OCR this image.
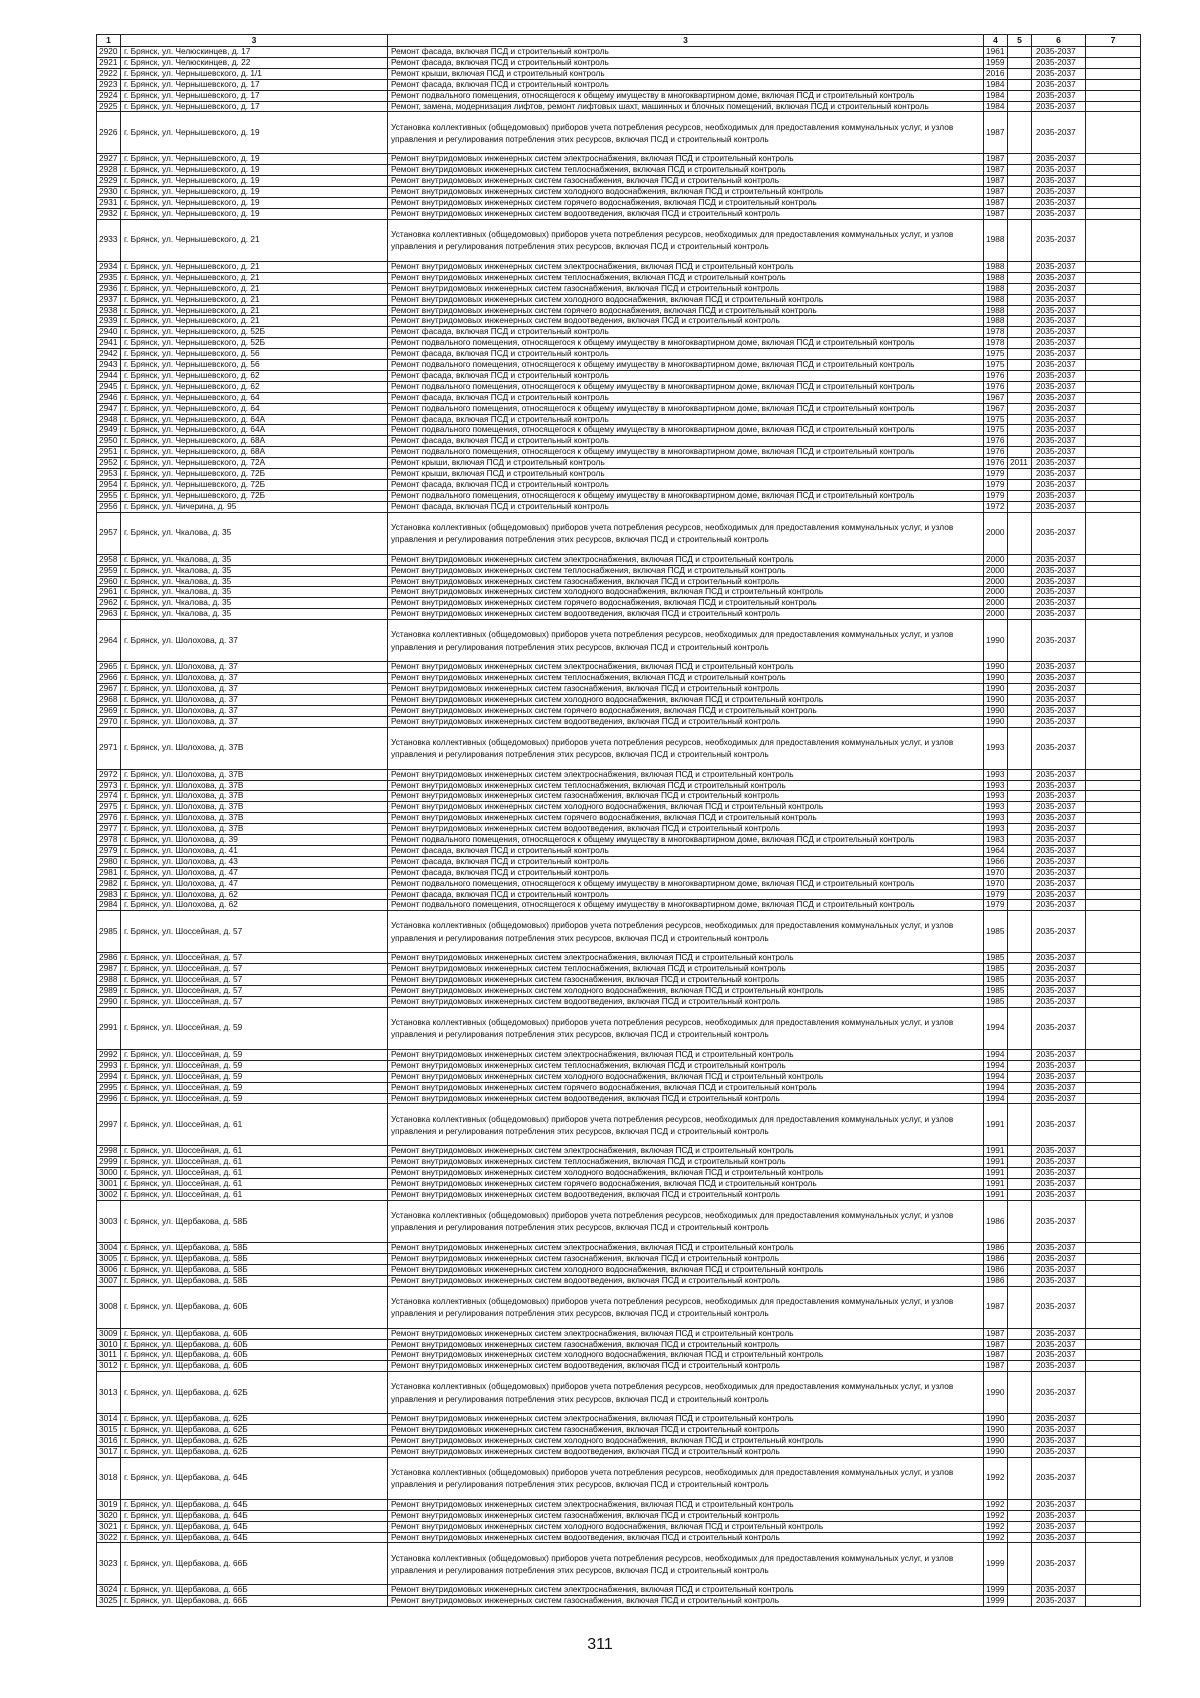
1	3	3	4	5	6	7
2920	г. Брянск, ул. Челюскинцев, д. 17	Ремонт фасада, включая ПСД и строительный контроль	1961		2035-2037	
2921	г. Брянск, ул. Челюскинцев, д. 22	Ремонт фасада, включая ПСД и строительный контроль	1959		2035-2037	
2922	г. Брянск, ул. Чернышевского, д. 1/1	Ремонт крыши, включая ПСД и строительный контроль	2016		2035-2037	
2923	г. Брянск, ул. Чернышевского, д. 17	Ремонт фасада, включая ПСД и строительный контроль	1984		2035-2037	
2924	г. Брянск, ул. Чернышевского, д. 17	Ремонт подвального помещения, относящегося к общему имуществу в многоквартирном доме, включая ПСД и строительный контроль	1984		2035-2037	
2925	г. Брянск, ул. Чернышевского, д. 17	Ремонт, замена, модернизация лифтов, ремонт лифтовых шахт, машинных и блочных помещений, включая ПСД и строительный контроль	1984		2035-2037	
2926	г. Брянск, ул. Чернышевского, д. 19	Установка коллективных (общедомовых) приборов учета потребления ресурсов, необходимых для предоставления коммунальных услуг, и узлов управления и регулирования потребления этих ресурсов, включая ПСД и строительный контроль	1987		2035-2037	
2927	г. Брянск, ул. Чернышевского, д. 19	Ремонт внутридомовых инженерных систем электроснабжения, включая ПСД и строительный контроль	1987		2035-2037	
2928	г. Брянск, ул. Чернышевского, д. 19	Ремонт внутридомовых инженерных систем теплоснабжения, включая ПСД и строительный контроль	1987		2035-2037	
2929	г. Брянск, ул. Чернышевского, д. 19	Ремонт внутридомовых инженерных систем газоснабжения, включая ПСД и строительный контроль	1987		2035-2037	
2930	г. Брянск, ул. Чернышевского, д. 19	Ремонт внутридомовых инженерных систем холодного водоснабжения, включая ПСД и строительный контроль	1987		2035-2037	
2931	г. Брянск, ул. Чернышевского, д. 19	Ремонт внутридомовых инженерных систем горячего водоснабжения, включая ПСД и строительный контроль	1987		2035-2037	
2932	г. Брянск, ул. Чернышевского, д. 19	Ремонт внутридомовых инженерных систем водоотведения, включая ПСД и строительный контроль	1987		2035-2037	
2933	г. Брянск, ул. Чернышевского, д. 21	Установка коллективных (общедомовых) приборов учета потребления ресурсов, необходимых для предоставления коммунальных услуг, и узлов управления и регулирования потребления этих ресурсов, включая ПСД и строительный контроль	1988		2035-2037	
2934	г. Брянск, ул. Чернышевского, д. 21	Ремонт внутридомовых инженерных систем электроснабжения, включая ПСД и строительный контроль	1988		2035-2037	
2935	г. Брянск, ул. Чернышевского, д. 21	Ремонт внутридомовых инженерных систем теплоснабжения, включая ПСД и строительный контроль	1988		2035-2037	
2936	г. Брянск, ул. Чернышевского, д. 21	Ремонт внутридомовых инженерных систем газоснабжения, включая ПСД и строительный контроль	1988		2035-2037	
2937	г. Брянск, ул. Чернышевского, д. 21	Ремонт внутридомовых инженерных систем холодного водоснабжения, включая ПСД и строительный контроль	1988		2035-2037	
2938	г. Брянск, ул. Чернышевского, д. 21	Ремонт внутридомовых инженерных систем горячего водоснабжения, включая ПСД и строительный контроль	1988		2035-2037	
2939	г. Брянск, ул. Чернышевского, д. 21	Ремонт внутридомовых инженерных систем водоотведения, включая ПСД и строительный контроль	1988		2035-2037	
2940	г. Брянск, ул. Чернышевского, д. 52Б	Ремонт фасада, включая ПСД и строительный контроль	1978		2035-2037	
2941	г. Брянск, ул. Чернышевского, д. 52Б	Ремонт подвального помещения, относящегося к общему имуществу в многоквартирном доме, включая ПСД и строительный контроль	1978		2035-2037	
2942	г. Брянск, ул. Чернышевского, д. 56	Ремонт фасада, включая ПСД и строительный контроль	1975		2035-2037	
2943	г. Брянск, ул. Чернышевского, д. 56	Ремонт подвального помещения, относящегося к общему имуществу в многоквартирном доме, включая ПСД и строительный контроль	1975		2035-2037	
2944	г. Брянск, ул. Чернышевского, д. 62	Ремонт фасада, включая ПСД и строительный контроль	1976		2035-2037	
2945	г. Брянск, ул. Чернышевского, д. 62	Ремонт подвального помещения, относящегося к общему имуществу в многоквартирном доме, включая ПСД и строительный контроль	1976		2035-2037	
2946	г. Брянск, ул. Чернышевского, д. 64	Ремонт фасада, включая ПСД и строительный контроль	1967		2035-2037	
2947	г. Брянск, ул. Чернышевского, д. 64	Ремонт подвального помещения, относящегося к общему имуществу в многоквартирном доме, включая ПСД и строительный контроль	1967		2035-2037	
2948	г. Брянск, ул. Чернышевского, д. 64А	Ремонт фасада, включая ПСД и строительный контроль	1975		2035-2037	
2949	г. Брянск, ул. Чернышевского, д. 64А	Ремонт подвального помещения, относящегося к общему имуществу в многоквартирном доме, включая ПСД и строительный контроль	1975		2035-2037	
2950	г. Брянск, ул. Чернышевского, д. 68А	Ремонт фасада, включая ПСД и строительный контроль	1976		2035-2037	
2951	г. Брянск, ул. Чернышевского, д. 68А	Ремонт подвального помещения, относящегося к общему имуществу в многоквартирном доме, включая ПСД и строительный контроль	1976		2035-2037	
2952	г. Брянск, ул. Чернышевского, д. 72А	Ремонт крыши, включая ПСД и строительный контроль	1976	2011	2035-2037	
2953	г. Брянск, ул. Чернышевского, д. 72Б	Ремонт крыши, включая ПСД и строительный контроль	1979		2035-2037	
2954	г. Брянск, ул. Чернышевского, д. 72Б	Ремонт фасада, включая ПСД и строительный контроль	1979		2035-2037	
2955	г. Брянск, ул. Чернышевского, д. 72Б	Ремонт подвального помещения, относящегося к общему имуществу в многоквартирном доме, включая ПСД и строительный контроль	1979		2035-2037	
2956	г. Брянск, ул. Чичерина, д. 95	Ремонт фасада, включая ПСД и строительный контроль	1972		2035-2037	
2957	г. Брянск, ул. Чкалова, д. 35	Установка коллективных (общедомовых) приборов учета потребления ресурсов, необходимых для предоставления коммунальных услуг, и узлов управления и регулирования потребления этих ресурсов, включая ПСД и строительный контроль	2000		2035-2037	
2958	г. Брянск, ул. Чкалова, д. 35	Ремонт внутридомовых инженерных систем электроснабжения, включая ПСД и строительный контроль	2000		2035-2037	
2959	г. Брянск, ул. Чкалова, д. 35	Ремонт внутридомовых инженерных систем теплоснабжения, включая ПСД и строительный контроль	2000		2035-2037	
2960	г. Брянск, ул. Чкалова, д. 35	Ремонт внутридомовых инженерных систем газоснабжения, включая ПСД и строительный контроль	2000		2035-2037	
2961	г. Брянск, ул. Чкалова, д. 35	Ремонт внутридомовых инженерных систем холодного водоснабжения, включая ПСД и строительный контроль	2000		2035-2037	
2962	г. Брянск, ул. Чкалова, д. 35	Ремонт внутридомовых инженерных систем горячего водоснабжения, включая ПСД и строительный контроль	2000		2035-2037	
2963	г. Брянск, ул. Чкалова, д. 35	Ремонт внутридомовых инженерных систем водоотведения, включая ПСД и строительный контроль	2000		2035-2037	
2964	г. Брянск, ул. Шолохова, д. 37	Установка коллективных (общедомовых) приборов учета потребления ресурсов, необходимых для предоставления коммунальных услуг, и узлов управления и регулирования потребления этих ресурсов, включая ПСД и строительный контроль	1990		2035-2037	
2965	г. Брянск, ул. Шолохова, д. 37	Ремонт внутридомовых инженерных систем электроснабжения, включая ПСД и строительный контроль	1990		2035-2037	
2966	г. Брянск, ул. Шолохова, д. 37	Ремонт внутридомовых инженерных систем теплоснабжения, включая ПСД и строительный контроль	1990		2035-2037	
2967	г. Брянск, ул. Шолохова, д. 37	Ремонт внутридомовых инженерных систем газоснабжения, включая ПСД и строительный контроль	1990		2035-2037	
2968	г. Брянск, ул. Шолохова, д. 37	Ремонт внутридомовых инженерных систем холодного водоснабжения, включая ПСД и строительный контроль	1990		2035-2037	
2969	г. Брянск, ул. Шолохова, д. 37	Ремонт внутридомовых инженерных систем горячего водоснабжения, включая ПСД и строительный контроль	1990		2035-2037	
2970	г. Брянск, ул. Шолохова, д. 37	Ремонт внутридомовых инженерных систем водоотведения, включая ПСД и строительный контроль	1990		2035-2037	
2971	г. Брянск, ул. Шолохова, д. 37В	Установка коллективных (общедомовых) приборов учета потребления ресурсов, необходимых для предоставления коммунальных услуг, и узлов управления и регулирования потребления этих ресурсов, включая ПСД и строительный контроль	1993		2035-2037	
2972	г. Брянск, ул. Шолохова, д. 37В	Ремонт внутридомовых инженерных систем электроснабжения, включая ПСД и строительный контроль	1993		2035-2037	
2973	г. Брянск, ул. Шолохова, д. 37В	Ремонт внутридомовых инженерных систем теплоснабжения, включая ПСД и строительный контроль	1993		2035-2037	
2974	г. Брянск, ул. Шолохова, д. 37В	Ремонт внутридомовых инженерных систем газоснабжения, включая ПСД и строительный контроль	1993		2035-2037	
2975	г. Брянск, ул. Шолохова, д. 37В	Ремонт внутридомовых инженерных систем холодного водоснабжения, включая ПСД и строительный контроль	1993		2035-2037	
2976	г. Брянск, ул. Шолохова, д. 37В	Ремонт внутридомовых инженерных систем горячего водоснабжения, включая ПСД и строительный контроль	1993		2035-2037	
2977	г. Брянск, ул. Шолохова, д. 37В	Ремонт внутридомовых инженерных систем водоотведения, включая ПСД и строительный контроль	1993		2035-2037	
2978	г. Брянск, ул. Шолохова, д. 39	Ремонт подвального помещения, относящегося к общему имуществу в многоквартирном доме, включая ПСД и строительный контроль	1983		2035-2037	
2979	г. Брянск, ул. Шолохова, д. 41	Ремонт фасада, включая ПСД и строительный контроль	1964		2035-2037	
2980	г. Брянск, ул. Шолохова, д. 43	Ремонт фасада, включая ПСД и строительный контроль	1966		2035-2037	
2981	г. Брянск, ул. Шолохова, д. 47	Ремонт фасада, включая ПСД и строительный контроль	1970		2035-2037	
2982	г. Брянск, ул. Шолохова, д. 47	Ремонт подвального помещения, относящегося к общему имуществу в многоквартирном доме, включая ПСД и строительный контроль	1970		2035-2037	
2983	г. Брянск, ул. Шолохова, д. 62	Ремонт фасада, включая ПСД и строительный контроль	1979		2035-2037	
2984	г. Брянск, ул. Шолохова, д. 62	Ремонт подвального помещения, относящегося к общему имуществу в многоквартирном доме, включая ПСД и строительный контроль	1979		2035-2037	
2985	г. Брянск, ул. Шоссейная, д. 57	Установка коллективных (общедомовых) приборов учета потребления ресурсов, необходимых для предоставления коммунальных услуг, и узлов управления и регулирования потребления этих ресурсов, включая ПСД и строительный контроль	1985		2035-2037	
2986	г. Брянск, ул. Шоссейная, д. 57	Ремонт внутридомовых инженерных систем электроснабжения, включая ПСД и строительный контроль	1985		2035-2037	
2987	г. Брянск, ул. Шоссейная, д. 57	Ремонт внутридомовых инженерных систем теплоснабжения, включая ПСД и строительный контроль	1985		2035-2037	
2988	г. Брянск, ул. Шоссейная, д. 57	Ремонт внутридомовых инженерных систем газоснабжения, включая ПСД и строительный контроль	1985		2035-2037	
2989	г. Брянск, ул. Шоссейная, д. 57	Ремонт внутридомовых инженерных систем холодного водоснабжения, включая ПСД и строительный контроль	1985		2035-2037	
2990	г. Брянск, ул. Шоссейная, д. 57	Ремонт внутридомовых инженерных систем водоотведения, включая ПСД и строительный контроль	1985		2035-2037	
2991	г. Брянск, ул. Шоссейная, д. 59	Установка коллективных (общедомовых) приборов учета потребления ресурсов, необходимых для предоставления коммунальных услуг, и узлов управления и регулирования потребления этих ресурсов, включая ПСД и строительный контроль	1994		2035-2037	
2992	г. Брянск, ул. Шоссейная, д. 59	Ремонт внутридомовых инженерных систем электроснабжения, включая ПСД и строительный контроль	1994		2035-2037	
2993	г. Брянск, ул. Шоссейная, д. 59	Ремонт внутридомовых инженерных систем теплоснабжения, включая ПСД и строительный контроль	1994		2035-2037	
2994	г. Брянск, ул. Шоссейная, д. 59	Ремонт внутридомовых инженерных систем холодного водоснабжения, включая ПСД и строительный контроль	1994		2035-2037	
2995	г. Брянск, ул. Шоссейная, д. 59	Ремонт внутридомовых инженерных систем горячего водоснабжения, включая ПСД и строительный контроль	1994		2035-2037	
2996	г. Брянск, ул. Шоссейная, д. 59	Ремонт внутридомовых инженерных систем водоотведения, включая ПСД и строительный контроль	1994		2035-2037	
2997	г. Брянск, ул. Шоссейная, д. 61	Установка коллективных (общедомовых) приборов учета потребления ресурсов, необходимых для предоставления коммунальных услуг, и узлов управления и регулирования потребления этих ресурсов, включая ПСД и строительный контроль	1991		2035-2037	
2998	г. Брянск, ул. Шоссейная, д. 61	Ремонт внутридомовых инженерных систем электроснабжения, включая ПСД и строительный контроль	1991		2035-2037	
2999	г. Брянск, ул. Шоссейная, д. 61	Ремонт внутридомовых инженерных систем теплоснабжения, включая ПСД и строительный контроль	1991		2035-2037	
3000	г. Брянск, ул. Шоссейная, д. 61	Ремонт внутридомовых инженерных систем холодного водоснабжения, включая ПСД и строительный контроль	1991		2035-2037	
3001	г. Брянск, ул. Шоссейная, д. 61	Ремонт внутридомовых инженерных систем горячего водоснабжения, включая ПСД и строительный контроль	1991		2035-2037	
3002	г. Брянск, ул. Шоссейная, д. 61	Ремонт внутридомовых инженерных систем водоотведения, включая ПСД и строительный контроль	1991		2035-2037	
3003	г. Брянск, ул. Щербакова, д. 58Б	Установка коллективных (общедомовых) приборов учета потребления ресурсов, необходимых для предоставления коммунальных услуг, и узлов управления и регулирования потребления этих ресурсов, включая ПСД и строительный контроль	1986		2035-2037	
3004	г. Брянск, ул. Щербакова, д. 58Б	Ремонт внутридомовых инженерных систем электроснабжения, включая ПСД и строительный контроль	1986		2035-2037	
3005	г. Брянск, ул. Щербакова, д. 58Б	Ремонт внутридомовых инженерных систем газоснабжения, включая ПСД и строительный контроль	1986		2035-2037	
3006	г. Брянск, ул. Щербакова, д. 58Б	Ремонт внутридомовых инженерных систем холодного водоснабжения, включая ПСД и строительный контроль	1986		2035-2037	
3007	г. Брянск, ул. Щербакова, д. 58Б	Ремонт внутридомовых инженерных систем водоотведения, включая ПСД и строительный контроль	1986		2035-2037	
3008	г. Брянск, ул. Щербакова, д. 60Б	Установка коллективных (общедомовых) приборов учета потребления ресурсов, необходимых для предоставления коммунальных услуг, и узлов управления и регулирования потребления этих ресурсов, включая ПСД и строительный контроль	1987		2035-2037	
3009	г. Брянск, ул. Щербакова, д. 60Б	Ремонт внутридомовых инженерных систем электроснабжения, включая ПСД и строительный контроль	1987		2035-2037	
3010	г. Брянск, ул. Щербакова, д. 60Б	Ремонт внутридомовых инженерных систем газоснабжения, включая ПСД и строительный контроль	1987		2035-2037	
3011	г. Брянск, ул. Щербакова, д. 60Б	Ремонт внутридомовых инженерных систем холодного водоснабжения, включая ПСД и строительный контроль	1987		2035-2037	
3012	г. Брянск, ул. Щербакова, д. 60Б	Ремонт внутридомовых инженерных систем водоотведения, включая ПСД и строительный контроль	1987		2035-2037	
3013	г. Брянск, ул. Щербакова, д. 62Б	Установка коллективных (общедомовых) приборов учета потребления ресурсов, необходимых для предоставления коммунальных услуг, и узлов управления и регулирования потребления этих ресурсов, включая ПСД и строительный контроль	1990		2035-2037	
3014	г. Брянск, ул. Щербакова, д. 62Б	Ремонт внутридомовых инженерных систем электроснабжения, включая ПСД и строительный контроль	1990		2035-2037	
3015	г. Брянск, ул. Щербакова, д. 62Б	Ремонт внутридомовых инженерных систем газоснабжения, включая ПСД и строительный контроль	1990		2035-2037	
3016	г. Брянск, ул. Щербакова, д. 62Б	Ремонт внутридомовых инженерных систем холодного водоснабжения, включая ПСД и строительный контроль	1990		2035-2037	
3017	г. Брянск, ул. Щербакова, д. 62Б	Ремонт внутридомовых инженерных систем водоотведения, включая ПСД и строительный контроль	1990		2035-2037	
3018	г. Брянск, ул. Щербакова, д. 64Б	Установка коллективных (общедомовых) приборов учета потребления ресурсов, необходимых для предоставления коммунальных услуг, и узлов управления и регулирования потребления этих ресурсов, включая ПСД и строительный контроль	1992		2035-2037	
3019	г. Брянск, ул. Щербакова, д. 64Б	Ремонт внутридомовых инженерных систем электроснабжения, включая ПСД и строительный контроль	1992		2035-2037	
3020	г. Брянск, ул. Щербакова, д. 64Б	Ремонт внутридомовых инженерных систем газоснабжения, включая ПСД и строительный контроль	1992		2035-2037	
3021	г. Брянск, ул. Щербакова, д. 64Б	Ремонт внутридомовых инженерных систем холодного водоснабжения, включая ПСД и строительный контроль	1992		2035-2037	
3022	г. Брянск, ул. Щербакова, д. 64Б	Ремонт внутридомовых инженерных систем водоотведения, включая ПСД и строительный контроль	1992		2035-2037	
3023	г. Брянск, ул. Щербакова, д. 66Б	Установка коллективных (общедомовых) приборов учета потребления ресурсов, необходимых для предоставления коммунальных услуг, и узлов управления и регулирования потребления этих ресурсов, включая ПСД и строительный контроль	1999		2035-2037	
3024	г. Брянск, ул. Щербакова, д. 66Б	Ремонт внутридомовых инженерных систем электроснабжения, включая ПСД и строительный контроль	1999		2035-2037	
3025	г. Брянск, ул. Щербакова, д. 66Б	Ремонт внутридомовых инженерных систем газоснабжения, включая ПСД и строительный контроль	1999		2035-2037	
311
